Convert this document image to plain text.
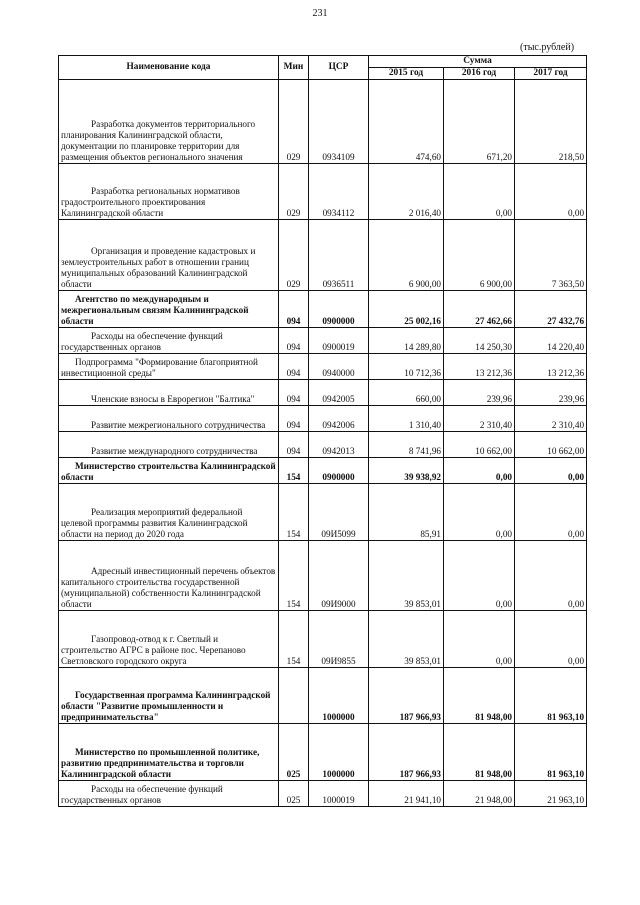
231
(тыс.рублей)
Наименование кода	Мин	ЦСР	Сумма		
			2015 год	2016 год	2017 год
Разработка документов территориального планирования Калининградской области, документации по планировке территории для размещения объектов регионального значения	029	0934109	474,60	671,20	218,50
Разработка региональных нормативов градостроительного проектирования Калининградской области	029	0934112	2 016,40	0,00	0,00
Организация и проведение кадастровых и землеустроительных работ в отношении границ муниципальных образований Калининградской области	029	0936511	6 900,00	6 900,00	7 363,50
Агентство по международным и межрегиональным связям Калининградской области	094	0900000	25 002,16	27 462,66	27 432,76
Расходы на обеспечение функций государственных органов	094	0900019	14 289,80	14 250,30	14 220,40
Подпрограмма "Формирование благоприятной инвестиционной среды"	094	0940000	10 712,36	13 212,36	13 212,36
Членские взносы в Еврорегион "Балтика"	094	0942005	660,00	239,96	239,96
Развитие межрегионального сотрудничества	094	0942006	1 310,40	2 310,40	2 310,40
Развитие международного сотрудничества	094	0942013	8 741,96	10 662,00	10 662,00
Министерство строительства Калининградской области	154	0900000	39 938,92	0,00	0,00
Реализация мероприятий федеральной целевой программы развития Калининградской области на период до 2020 года	154	09И5099	85,91	0,00	0,00
Адресный инвестиционный перечень объектов капитального строительства государственной (муниципальной) собственности Калининградской области	154	09И9000	39 853,01	0,00	0,00
Газопровод-отвод к г. Светлый и строительство АГРС в районе пос. Черепаново Светловского городского округа	154	09И9855	39 853,01	0,00	0,00
Государственная программа Калининградской области "Развитие промышленности и предпринимательства"		1000000	187 966,93	81 948,00	81 963,10
Министерство по промышленной политике, развитию предпринимательства и торговли Калининградской области	025	1000000	187 966,93	81 948,00	81 963,10
Расходы на обеспечение функций государственных органов	025	1000019	21 941,10	21 948,00	21 963,10
